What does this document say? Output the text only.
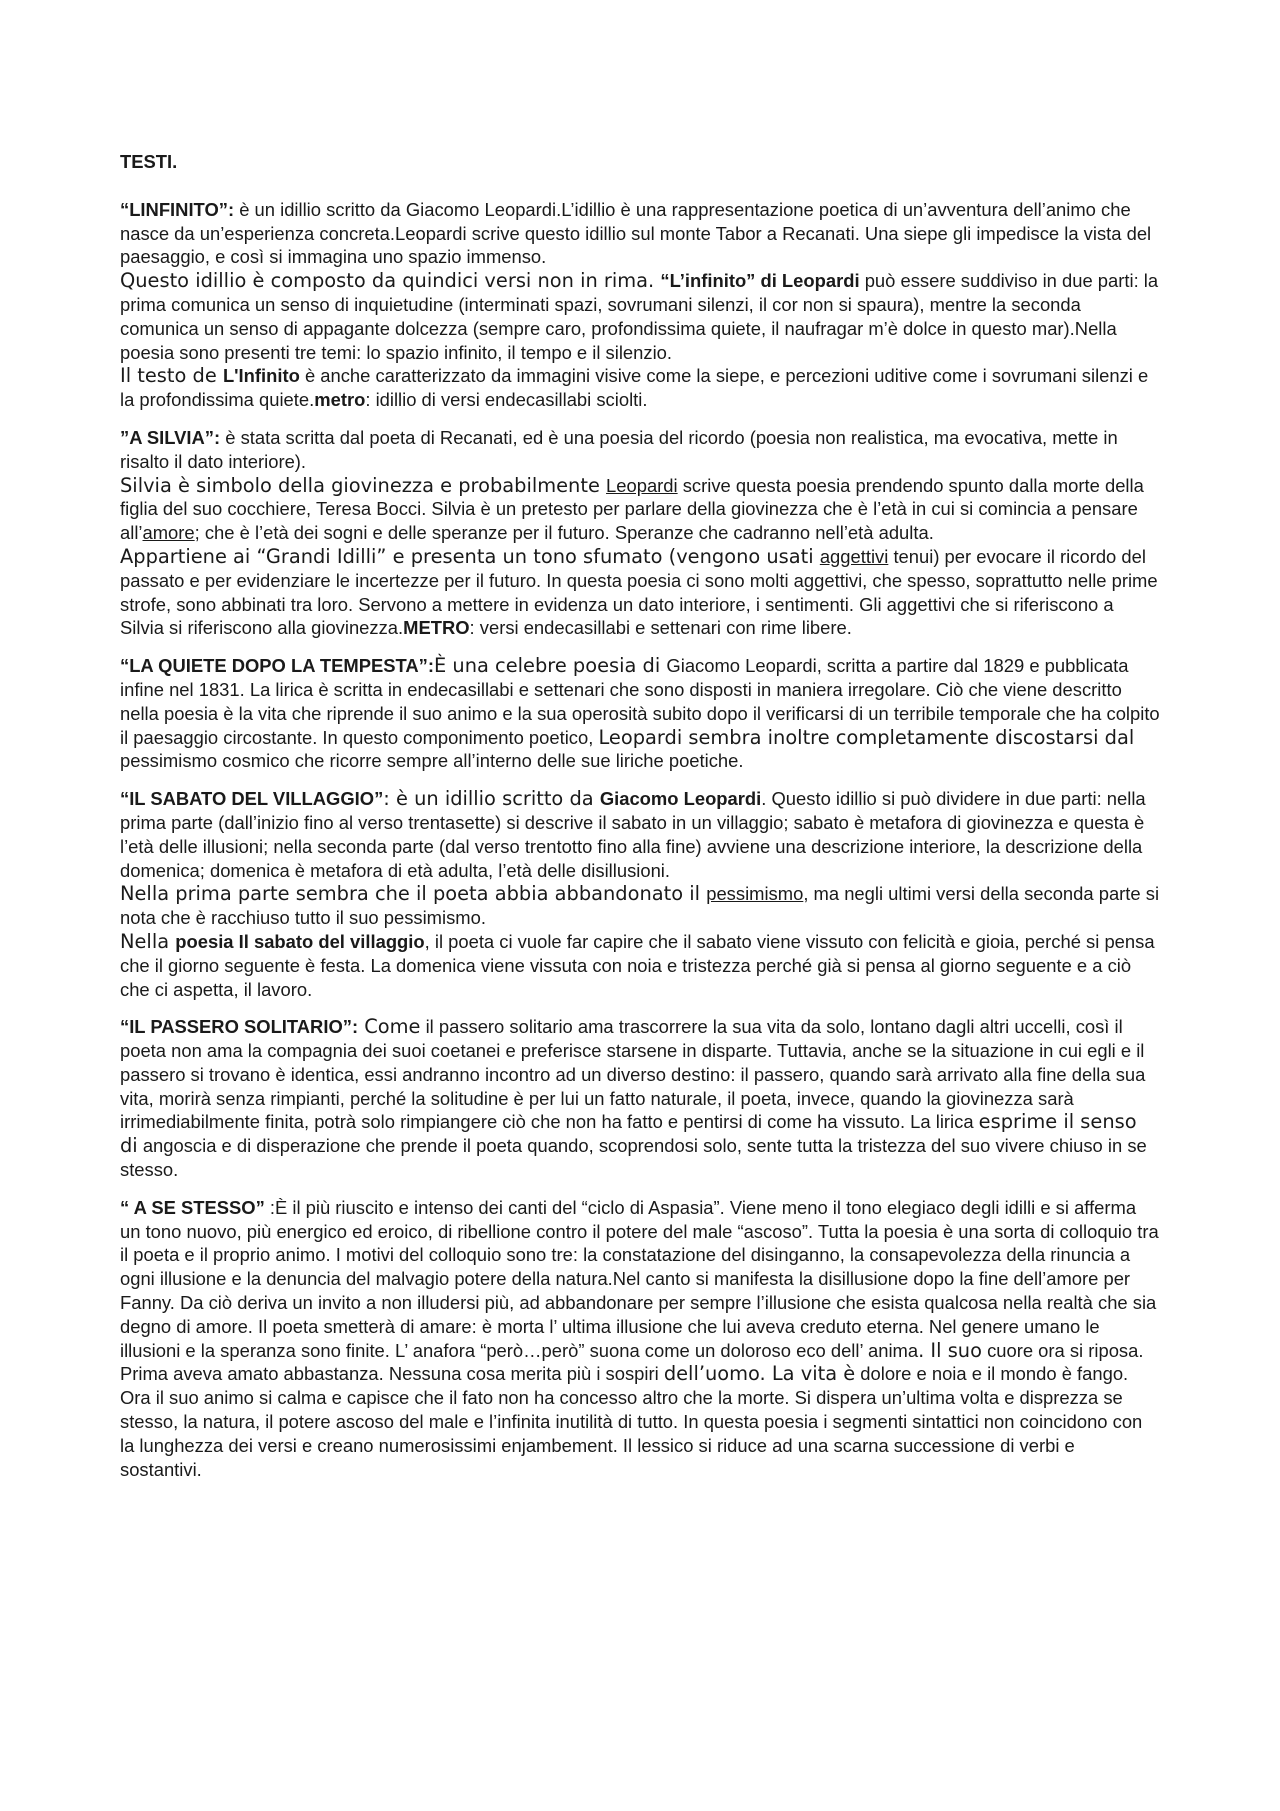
TESTI.

“LINFINITO”: è un idillio scritto da Giacomo Leopardi.L’idillio è una rappresentazione poetica di un’avventura dell’animo che nasce da un’esperienza concreta.Leopardi scrive questo idillio sul monte Tabor a Recanati. Una siepe gli impedisce la vista del paesaggio, e così si immagina uno spazio immenso.

Questo idillio è composto da quindici versi non in rima. “L’infinito” di Leopardi può essere suddiviso in due parti: la prima comunica un senso di inquietudine (interminati spazi, sovrumani silenzi, il cor non si spaura), mentre la seconda comunica un senso di appagante dolcezza (sempre caro, profondissima quiete, il naufragar m’è dolce in questo mar).Nella poesia sono presenti tre temi: lo spazio infinito, il tempo e il silenzio.

Il testo de L'Infinito è anche caratterizzato da immagini visive come la siepe, e percezioni uditive come i sovrumani silenzi e la profondissima quiete.metro: idillio di versi endecasillabi sciolti.

”A SILVIA”: è stata scritta dal poeta di Recanati, ed è una poesia del ricordo (poesia non realistica, ma evocativa, mette in risalto il dato interiore).

Silvia è simbolo della giovinezza e probabilmente Leopardi scrive questa poesia prendendo spunto dalla morte della figlia del suo cocchiere, Teresa Bocci. Silvia è un pretesto per parlare della giovinezza che è l’età in cui si comincia a pensare all’amore; che è l’età dei sogni e delle speranze per il futuro. Speranze che cadranno nell’età adulta.

Appartiene ai “Grandi Idilli” e presenta un tono sfumato (vengono usati aggettivi tenui) per evocare il ricordo del passato e per evidenziare le incertezze per il futuro. In questa poesia ci sono molti aggettivi, che spesso, soprattutto nelle prime strofe, sono abbinati tra loro. Servono a mettere in evidenza un dato interiore, i sentimenti. Gli aggettivi che si riferiscono a Silvia si riferiscono alla giovinezza.METRO: versi endecasillabi e settenari con rime libere.

“LA QUIETE DOPO LA TEMPESTA”:È una celebre poesia di Giacomo Leopardi, scritta a partire dal 1829 e pubblicata infine nel 1831. La lirica è scritta in endecasillabi e settenari che sono disposti in maniera irregolare. Ciò che viene descritto nella poesia è la vita che riprende il suo animo e la sua operosità subito dopo il verificarsi di un terribile temporale che ha colpito il paesaggio circostante. In questo componimento poetico, Leopardi sembra inoltre completamente discostarsi dal pessimismo cosmico che ricorre sempre all’interno delle sue liriche poetiche.

“IL SABATO DEL VILLAGGIO”: è un idillio scritto da Giacomo Leopardi. Questo idillio si può dividere in due parti: nella prima parte (dall’inizio fino al verso trentasette) si descrive il sabato in un villaggio; sabato è metafora di giovinezza e questa è l’età delle illusioni; nella seconda parte (dal verso trentotto fino alla fine) avviene una descrizione interiore, la descrizione della domenica; domenica è metafora di età adulta, l’età delle disillusioni.

Nella prima parte sembra che il poeta abbia abbandonato il pessimismo, ma negli ultimi versi della seconda parte si nota che è racchiuso tutto il suo pessimismo.

Nella poesia Il sabato del villaggio, il poeta ci vuole far capire che il sabato viene vissuto con felicità e gioia, perché si pensa che il giorno seguente è festa. La domenica viene vissuta con noia e tristezza perché già si pensa al giorno seguente e a ciò che ci aspetta, il lavoro.

“IL PASSERO SOLITARIO”: Come il passero solitario ama trascorrere la sua vita da solo, lontano dagli altri uccelli, così il poeta non ama la compagnia dei suoi coetanei e preferisce starsene in disparte. Tuttavia, anche se la situazione in cui egli e il passero si trovano è identica, essi andranno incontro ad un diverso destino: il passero, quando sarà arrivato alla fine della sua vita, morirà senza rimpianti, perché la solitudine è per lui un fatto naturale, il poeta, invece, quando la giovinezza sarà irrimediabilmente finita, potrà solo rimpiangere ciò che non ha fatto e pentirsi di come ha vissuto. La lirica esprime il senso di angoscia e di disperazione che prende il poeta quando, scoprendosi solo, sente tutta la tristezza del suo vivere chiuso in se stesso.

“ A SE STESSO” :È il più riuscito e intenso dei canti del “ciclo di Aspasia”. Viene meno il tono elegiaco degli idilli e si afferma un tono nuovo, più energico ed eroico, di ribellione contro il potere del male “ascoso”. Tutta la poesia è una sorta di colloquio tra il poeta e il proprio animo. I motivi del colloquio sono tre: la constatazione del disinganno, la consapevolezza della rinuncia a ogni illusione e la denuncia del malvagio potere della natura.Nel canto si manifesta la disillusione dopo la fine dell’amore per Fanny. Da ciò deriva un invito a non illudersi più, ad abbandonare per sempre l’illusione che esista qualcosa nella realtà che sia degno di amore. Il poeta smetterà di amare: è morta l’ ultima illusione che lui aveva creduto eterna. Nel genere umano le illusioni e la speranza sono finite. L’ anafora “però…però” suona come un doloroso eco dell’ anima. Il suo cuore ora si riposa. Prima aveva amato abbastanza. Nessuna cosa merita più i sospiri dell’uomo. La vita è dolore e noia e il mondo è fango. Ora il suo animo si calma e capisce che il fato non ha concesso altro che la morte. Si dispera un’ultima volta e disprezza se stesso, la natura, il potere ascoso del male e l’infinita inutilità di tutto. In questa poesia i segmenti sintattici non coincidono con la lunghezza dei versi e creano numerosissimi enjambement. Il lessico si riduce ad una scarna successione di verbi e sostantivi.
